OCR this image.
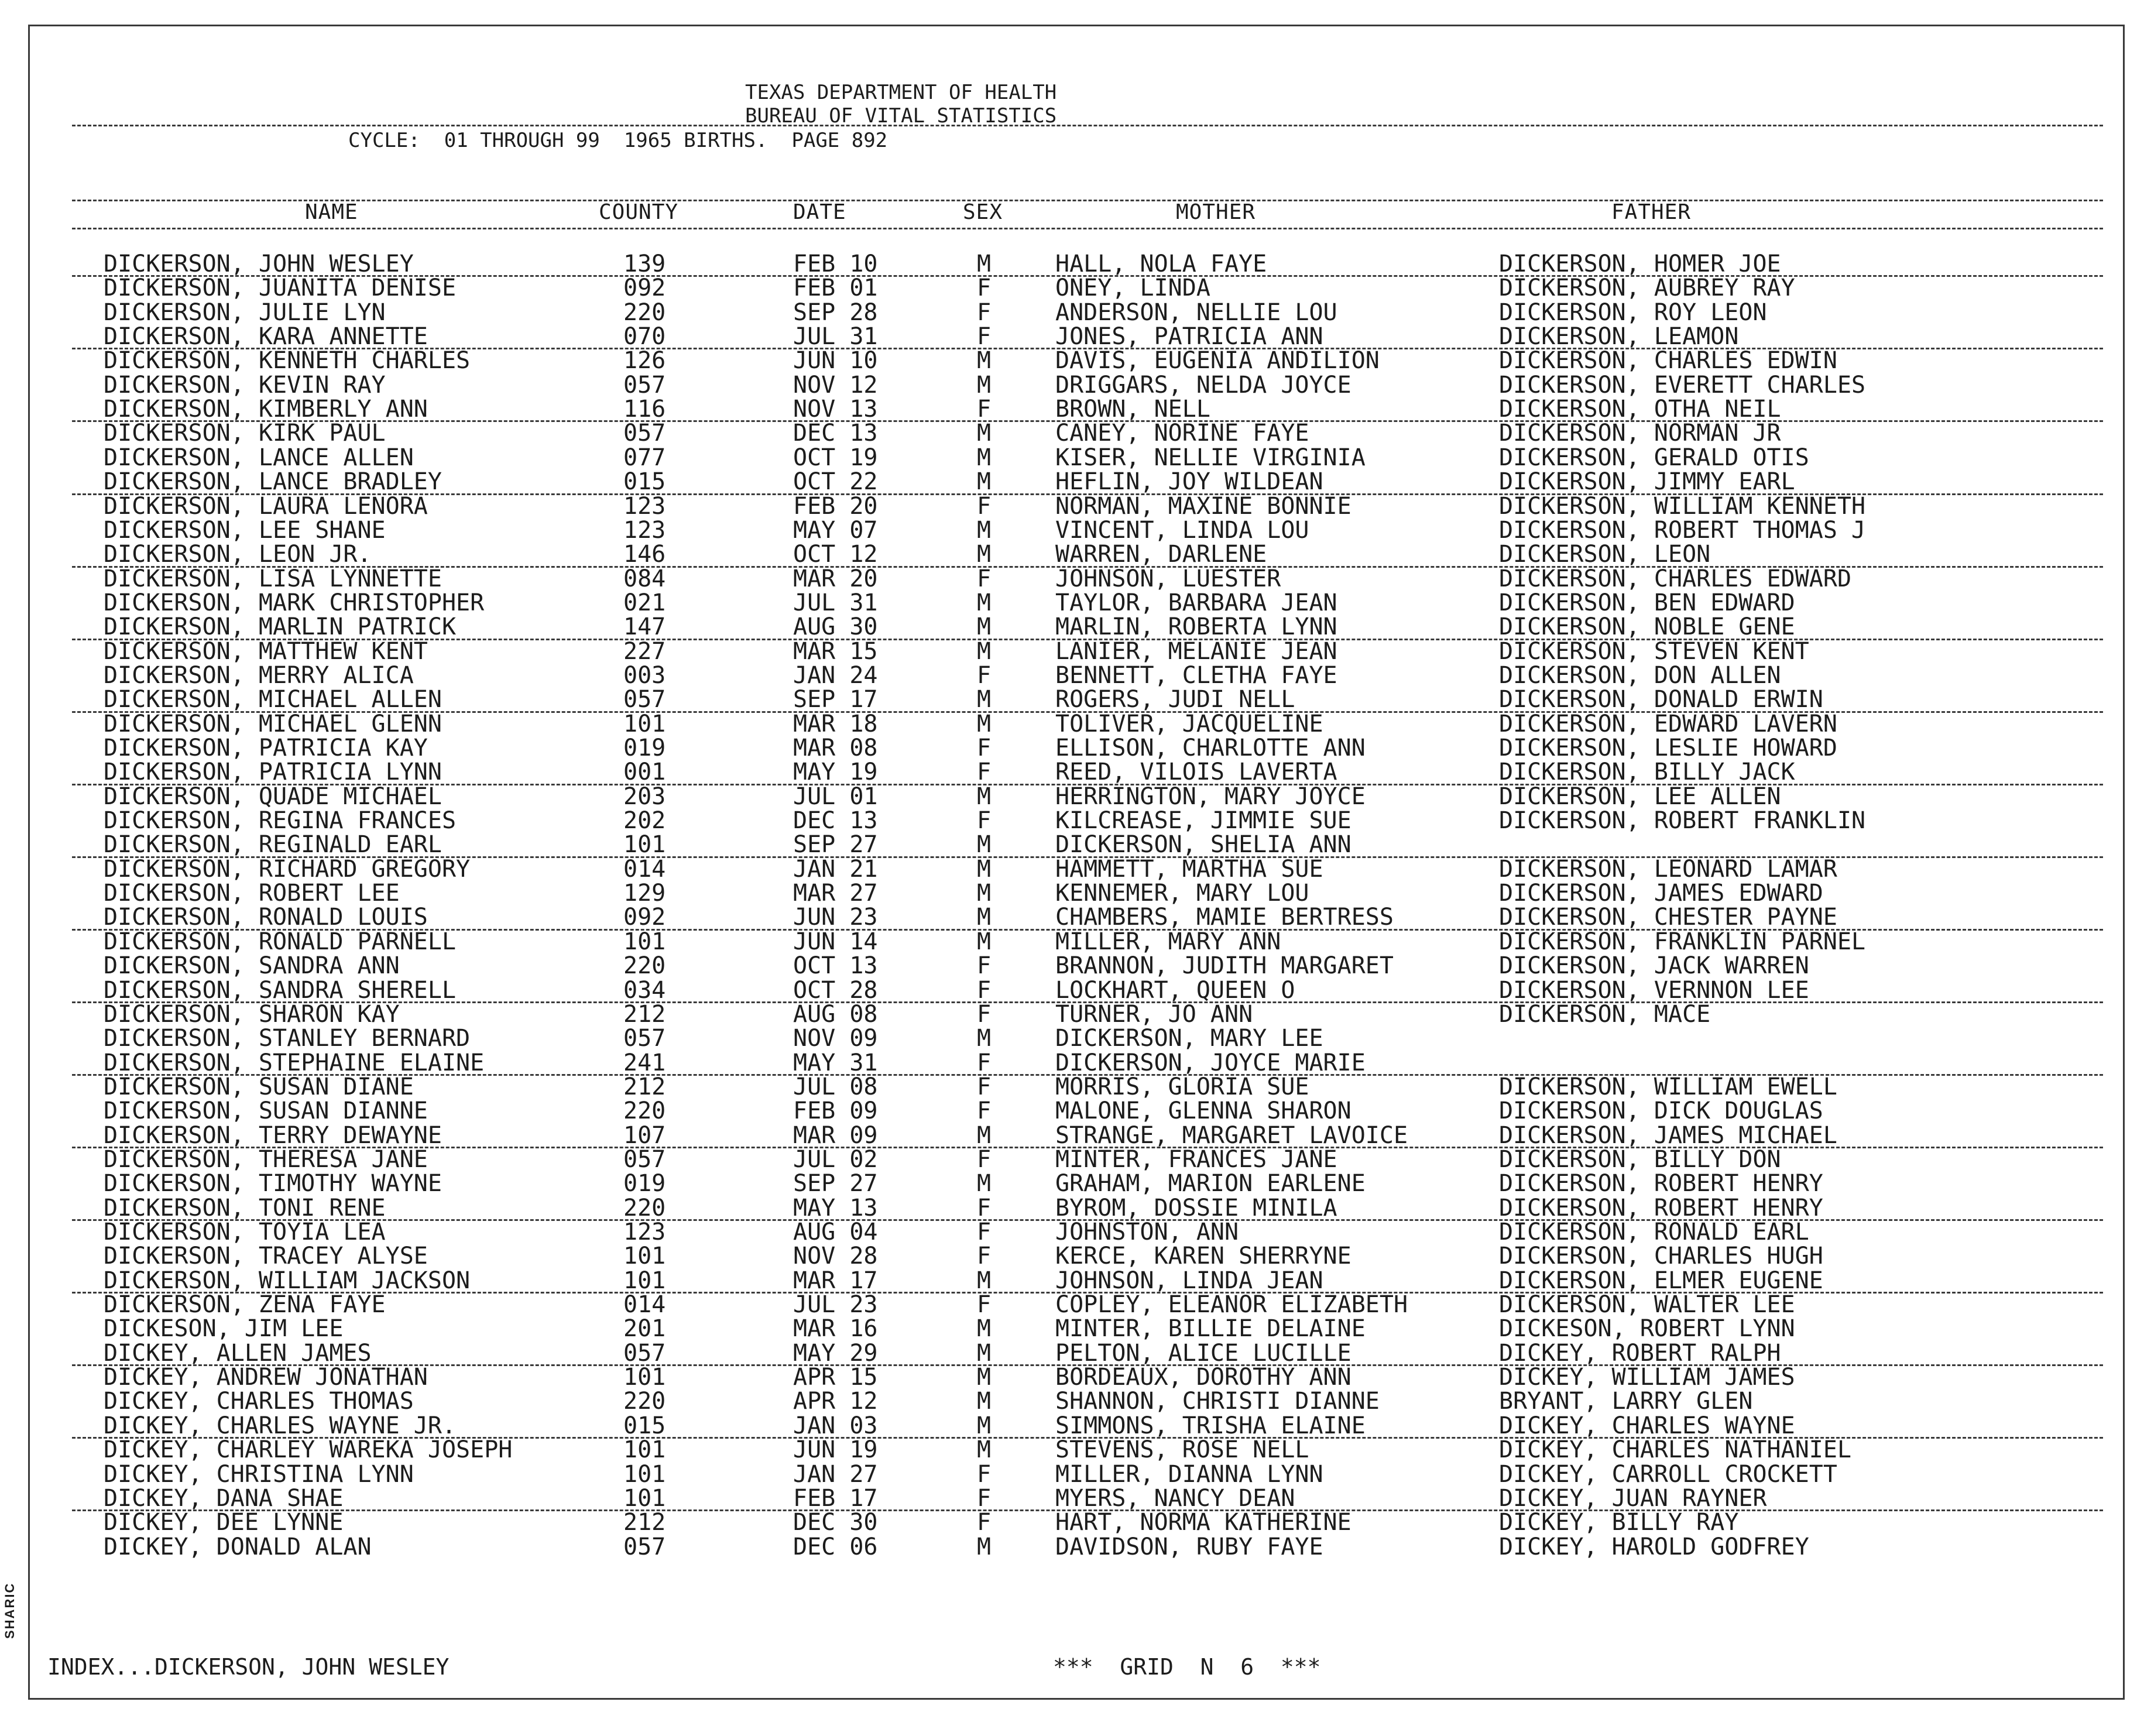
SHARIC
TEXAS DEPARTMENT OF HEALTH
BUREAU OF VITAL STATISTICS
CYCLE:  01 THROUGH 99  1965 BIRTHS.  PAGE 892
NAME	COUNTY	DATE	SEX	MOTHER	FATHER
DICKERSON, JOHN WESLEY	139	FEB 10	M	HALL, NOLA FAYE	DICKERSON, HOMER JOE
DICKERSON, JUANITA DENISE	092	FEB 01	F	ONEY, LINDA	DICKERSON, AUBREY RAY
DICKERSON, JULIE LYN	220	SEP 28	F	ANDERSON, NELLIE LOU	DICKERSON, ROY LEON
DICKERSON, KARA ANNETTE	070	JUL 31	F	JONES, PATRICIA ANN	DICKERSON, LEAMON
DICKERSON, KENNETH CHARLES	126	JUN 10	M	DAVIS, EUGENIA ANDILION	DICKERSON, CHARLES EDWIN
DICKERSON, KEVIN RAY	057	NOV 12	M	DRIGGARS, NELDA JOYCE	DICKERSON, EVERETT CHARLES
DICKERSON, KIMBERLY ANN	116	NOV 13	F	BROWN, NELL	DICKERSON, OTHA NEIL
DICKERSON, KIRK PAUL	057	DEC 13	M	CANEY, NORINE FAYE	DICKERSON, NORMAN JR
DICKERSON, LANCE ALLEN	077	OCT 19	M	KISER, NELLIE VIRGINIA	DICKERSON, GERALD OTIS
DICKERSON, LANCE BRADLEY	015	OCT 22	M	HEFLIN, JOY WILDEAN	DICKERSON, JIMMY EARL
DICKERSON, LAURA LENORA	123	FEB 20	F	NORMAN, MAXINE BONNIE	DICKERSON, WILLIAM KENNETH
DICKERSON, LEE SHANE	123	MAY 07	M	VINCENT, LINDA LOU	DICKERSON, ROBERT THOMAS J
DICKERSON, LEON JR.	146	OCT 12	M	WARREN, DARLENE	DICKERSON, LEON
DICKERSON, LISA LYNNETTE	084	MAR 20	F	JOHNSON, LUESTER	DICKERSON, CHARLES EDWARD
DICKERSON, MARK CHRISTOPHER	021	JUL 31	M	TAYLOR, BARBARA JEAN	DICKERSON, BEN EDWARD
DICKERSON, MARLIN PATRICK	147	AUG 30	M	MARLIN, ROBERTA LYNN	DICKERSON, NOBLE GENE
DICKERSON, MATTHEW KENT	227	MAR 15	M	LANIER, MELANIE JEAN	DICKERSON, STEVEN KENT
DICKERSON, MERRY ALICA	003	JAN 24	F	BENNETT, CLETHA FAYE	DICKERSON, DON ALLEN
DICKERSON, MICHAEL ALLEN	057	SEP 17	M	ROGERS, JUDI NELL	DICKERSON, DONALD ERWIN
DICKERSON, MICHAEL GLENN	101	MAR 18	M	TOLIVER, JACQUELINE	DICKERSON, EDWARD LAVERN
DICKERSON, PATRICIA KAY	019	MAR 08	F	ELLISON, CHARLOTTE ANN	DICKERSON, LESLIE HOWARD
DICKERSON, PATRICIA LYNN	001	MAY 19	F	REED, VILOIS LAVERTA	DICKERSON, BILLY JACK
DICKERSON, QUADE MICHAEL	203	JUL 01	M	HERRINGTON, MARY JOYCE	DICKERSON, LEE ALLEN
DICKERSON, REGINA FRANCES	202	DEC 13	F	KILCREASE, JIMMIE SUE	DICKERSON, ROBERT FRANKLIN
DICKERSON, REGINALD EARL	101	SEP 27	M	DICKERSON, SHELIA ANN
DICKERSON, RICHARD GREGORY	014	JAN 21	M	HAMMETT, MARTHA SUE	DICKERSON, LEONARD LAMAR
DICKERSON, ROBERT LEE	129	MAR 27	M	KENNEMER, MARY LOU	DICKERSON, JAMES EDWARD
DICKERSON, RONALD LOUIS	092	JUN 23	M	CHAMBERS, MAMIE BERTRESS	DICKERSON, CHESTER PAYNE
DICKERSON, RONALD PARNELL	101	JUN 14	M	MILLER, MARY ANN	DICKERSON, FRANKLIN PARNEL
DICKERSON, SANDRA ANN	220	OCT 13	F	BRANNON, JUDITH MARGARET	DICKERSON, JACK WARREN
DICKERSON, SANDRA SHERELL	034	OCT 28	F	LOCKHART, QUEEN O	DICKERSON, VERNNON LEE
DICKERSON, SHARON KAY	212	AUG 08	F	TURNER, JO ANN	DICKERSON, MACE
DICKERSON, STANLEY BERNARD	057	NOV 09	M	DICKERSON, MARY LEE
DICKERSON, STEPHAINE ELAINE	241	MAY 31	F	DICKERSON, JOYCE MARIE
DICKERSON, SUSAN DIANE	212	JUL 08	F	MORRIS, GLORIA SUE	DICKERSON, WILLIAM EWELL
DICKERSON, SUSAN DIANNE	220	FEB 09	F	MALONE, GLENNA SHARON	DICKERSON, DICK DOUGLAS
DICKERSON, TERRY DEWAYNE	107	MAR 09	M	STRANGE, MARGARET LAVOICE	DICKERSON, JAMES MICHAEL
DICKERSON, THERESA JANE	057	JUL 02	F	MINTER, FRANCES JANE	DICKERSON, BILLY DON
DICKERSON, TIMOTHY WAYNE	019	SEP 27	M	GRAHAM, MARION EARLENE	DICKERSON, ROBERT HENRY
DICKERSON, TONI RENE	220	MAY 13	F	BYROM, DOSSIE MINILA	DICKERSON, ROBERT HENRY
DICKERSON, TOYIA LEA	123	AUG 04	F	JOHNSTON, ANN	DICKERSON, RONALD EARL
DICKERSON, TRACEY ALYSE	101	NOV 28	F	KERCE, KAREN SHERRYNE	DICKERSON, CHARLES HUGH
DICKERSON, WILLIAM JACKSON	101	MAR 17	M	JOHNSON, LINDA JEAN	DICKERSON, ELMER EUGENE
DICKERSON, ZENA FAYE	014	JUL 23	F	COPLEY, ELEANOR ELIZABETH	DICKERSON, WALTER LEE
DICKESON, JIM LEE	201	MAR 16	M	MINTER, BILLIE DELAINE	DICKESON, ROBERT LYNN
DICKEY, ALLEN JAMES	057	MAY 29	M	PELTON, ALICE LUCILLE	DICKEY, ROBERT RALPH
DICKEY, ANDREW JONATHAN	101	APR 15	M	BORDEAUX, DOROTHY ANN	DICKEY, WILLIAM JAMES
DICKEY, CHARLES THOMAS	220	APR 12	M	SHANNON, CHRISTI DIANNE	BRYANT, LARRY GLEN
DICKEY, CHARLES WAYNE JR.	015	JAN 03	M	SIMMONS, TRISHA ELAINE	DICKEY, CHARLES WAYNE
DICKEY, CHARLEY WAREKA JOSEPH	101	JUN 19	M	STEVENS, ROSE NELL	DICKEY, CHARLES NATHANIEL
DICKEY, CHRISTINA LYNN	101	JAN 27	F	MILLER, DIANNA LYNN	DICKEY, CARROLL CROCKETT
DICKEY, DANA SHAE	101	FEB 17	F	MYERS, NANCY DEAN	DICKEY, JUAN RAYNER
DICKEY, DEE LYNNE	212	DEC 30	F	HART, NORMA KATHERINE	DICKEY, BILLY RAY
DICKEY, DONALD ALAN	057	DEC 06	M	DAVIDSON, RUBY FAYE	DICKEY, HAROLD GODFREY
INDEX...DICKERSON, JOHN WESLEY	***  GRID  N  6  ***
